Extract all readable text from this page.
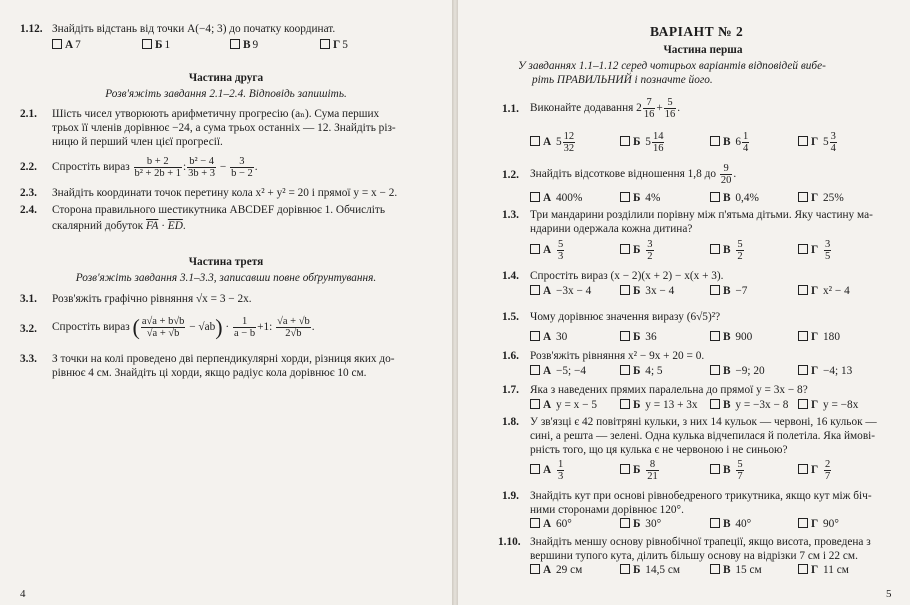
1.12. Знайдіть відстань від точки A(−4; 3) до початку координат.
А 7	Б 1	В 9	Г 5
Частина друга
Розв'яжіть завдання 2.1–2.4. Відповідь запишіть.
2.1. Шість чисел утворюють арифметичну прогресію (aₙ). Сума перших
трьох її членів дорівнює −24, а сума трьох останніх — 12. Знайдіть різ-
ницю й перший член цієї прогресії.
2.2. Спростіть вираз $\frac{b + 2}{\text{b² + 2b + 1}}$ : $\frac{\text{b² − 4}}{3b + 3} - \frac{3}{b - 2}$ .
2.3. Знайдіть координати точок перетину кола x² + y² = 20 і прямої y = x − 2.
2.4. Сторона правильного шестикутника ABCDEF дорівнює 1. Обчисліть
скалярний добуток $\overline{FA} \cdot \overline{ED}$.
Частина третя
Розв'яжіть завдання 3.1–3.3, записавши повне обґрунтування.
3.1. Розв'яжіть графічно рівняння √x = 3 − 2x.
3.2. Спростіть вираз ( $\frac{a√a + b√b}{√a + √b} - √ab) \cdot \frac{1}{a - b} +1$: $\frac{√a + √b}{2√b}$ .
3.3. З точки на колі проведено дві перпендикулярні хорди, різниця яких до-
рівнює 4 см. Знайдіть ці хорди, якщо радіус кола дорівнює 10 см.
4
ВАРІАНТ № 2
Частина перша
У завданнях 1.1–1.12 серед чотирьох варіантів відповідей вибе-
ріть ПРАВИЛЬНИЙ і позначте його.
1.1. Виконайте додавання $2 \frac{7}{16} + \frac{5}{16}$ .
А $5 \frac{12}{32}$	Б $5 \frac{14}{16}$	В $6 \frac{1}{4}$	Г $5 \frac{3}{4}$
1.2. Знайдіть відсоткове відношення 1,8 до $\frac{9}{20}$ .
А 400%	Б 4%	В 0,4%	Г 25%
1.3. Три мандарини розділили порівну між п'ятьма дітьми. Яку частину ма-
ндарини одержала кожна дитина?
А $\frac{5}{3}$	Б $\frac{3}{2}$	В $\frac{5}{2}$	Г $\frac{3}{5}$
1.4. Спростіть вираз (x − 2)(x + 2) − x(x + 3).
А −3x − 4	Б 3x − 4	В −7	Г x² − 4
1.5. Чому дорівнює значення виразу (6√5)²?
А 30	Б 36	В 900	Г 180
1.6. Розв'яжіть рівняння x² − 9x + 20 = 0.
А −5; −4	Б 4; 5	В −9; 20	Г −4; 13
1.7. Яка з наведених прямих паралельна до прямої y = 3x − 8?
А y = x − 5	Б y = 13 + 3x	В y = −3x − 8	Г y = −8x
1.8. У зв'язці є 42 повітряні кульки, з них 14 кульок — червоні, 16 кульок —
сині, а решта — зелені. Одна кулька відчепилася й полетіла. Яка ймові-
рність того, що ця кулька є не червоною і не синьою?
А $\frac{1}{3}$	Б $\frac{8}{21}$	В $\frac{5}{7}$	Г $\frac{2}{7}$
1.9. Знайдіть кут при основі рівнобедреного трикутника, якщо кут між біч-
ними сторонами дорівнює 120°.
А 60°	Б 30°	В 40°	Г 90°
1.10. Знайдіть меншу основу рівнобічної трапеції, якщо висота, проведена з
вершини тупого кута, ділить більшу основу на відрізки 7 см і 22 см.
А 29 см	Б 14,5 см	В 15 см	Г 11 см
5
